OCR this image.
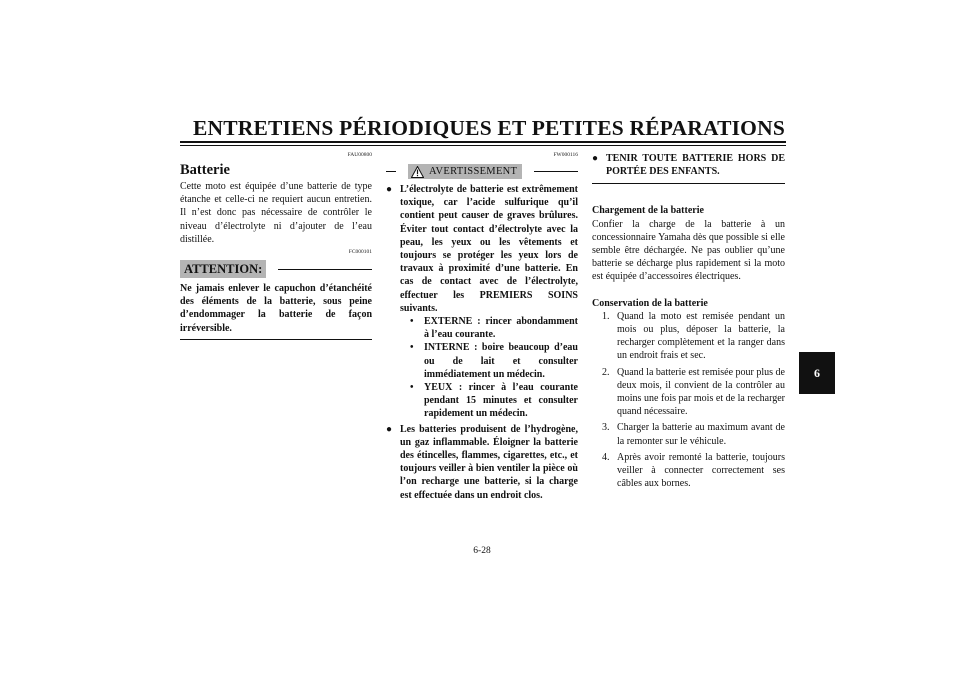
ENTRETIENS PÉRIODIQUES ET PETITES RÉPARATIONS
FAU00800
Batterie
Cette moto est équipée d’une batterie de type étanche et celle-ci ne requiert aucun entretien. Il n’est donc pas nécessaire de contrôler le niveau d’électrolyte ni d’ajouter de l’eau distillée.
FC000101
ATTENTION:
Ne jamais enlever le capuchon d’étanchéité des éléments de la batterie, sous peine d’endommager la batterie de façon irréversible.
FW000116
AVERTISSEMENT
● L’électrolyte de batterie est extrêmement toxique, car l’acide sulfurique qu’il contient peut causer de graves brûlures. Éviter tout contact d’électrolyte avec la peau, les yeux ou les vêtements et toujours se protéger les yeux lors de travaux à proximité d’une batterie. En cas de contact avec de l’électrolyte, effectuer les PREMIERS SOINS suivants.
•	EXTERNE : rincer abondamment à l’eau courante.
•	INTERNE : boire beaucoup d’eau ou de lait et consulter immédiatement un médecin.
•	YEUX : rincer à l’eau courante pendant 15 minutes et consulter rapidement un médecin.
● Les batteries produisent de l’hydrogène, un gaz inflammable. Éloigner la batterie des étincelles, flammes, cigarettes, etc., et toujours veiller à bien ventiler la pièce où l’on recharge une batterie, si la charge est effectuée dans un endroit clos.
● TENIR TOUTE BATTERIE HORS DE PORTÉE DES ENFANTS.
Chargement de la batterie
Confier la charge de la batterie à un concessionnaire Yamaha dès que possible si elle semble être déchargée. Ne pas oublier qu’une batterie se décharge plus rapidement si la moto est équipée d’accessoires électriques.
Conservation de la batterie
1. Quand la moto est remisée pendant un mois ou plus, déposer la batterie, la recharger complètement et la ranger dans un endroit frais et sec.
2. Quand la batterie est remisée pour plus de deux mois, il convient de la contrôler au moins une fois par mois et de la recharger quand nécessaire.
3. Charger la batterie au maximum avant de la remonter sur le véhicule.
4. Après avoir remonté la batterie, toujours veiller à connecter correctement ses câbles aux bornes.
6
6-28
